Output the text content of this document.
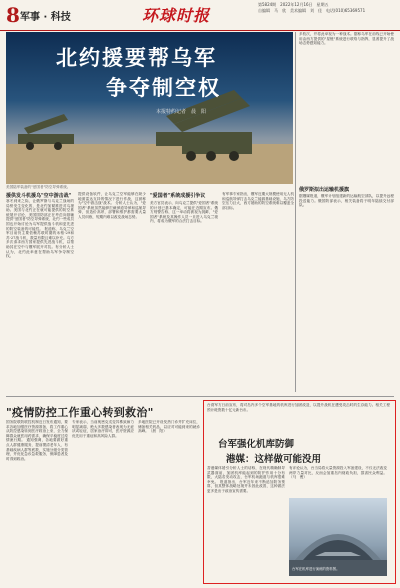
8 军事 · 科技	环球时报
第5824期　2022年12月16日　星期五
自编辑　马　欣　美术编辑　刘　佳　电话(010)65369571
北约援要帮乌军
争夺制空权
本报特约记者　晨　阳
美国陆军装备的"爱国者"防空导弹系统。
援供发斗机援乌"空中游击战"
寒冬到来之际，让俄罗斯与乌克兰战场的局势发生变化的，是北约加紧推进对乌援助。美国与北约正在就可能提供的防空系统展开讨论，美国国防部正在考虑向基辅提供"爱国者"防空导弹系统，北约一些成员国也开始讨论为乌军提供战斗机和更先进的防空装备的可能性。 报道称，乌克兰空军目前仍主要依赖苏联时期的米格-29和苏-27战斗机，数量有限且难以补充。乌方多次请求西方国家提供先进战斗机，以帮助其在空中与俄军展开对抗。有分析人士认为，北约此举意在帮助乌军争夺制空权。
提供设备软件，让乌克兰空军能够在缺少地面雷达支持的情况下进行作战，这被称为"空中游击战"战术。 分析人士认为，"爱国者"系统虽然能够拦截弹道导弹和巡航导弹，但造价高昂，部署和维护都需要大量人员训练，短期内难以改变战场态势。
"爱国者"系统成援引争议
美方官员表示，向乌克兰提供"爱国者"系统的计划已基本确定，可能在近期宣布。俄方则警告称，这一举动将被视为挑衅，"爱国者"系统及其操作人员一旦进入乌克兰境内，将成为俄军的合法打击目标。
有军事专家指出，俄军近期大规模使用无人机和巡航导弹打击乌克兰能源基础设施，乌方防空压力巨大，西方援助的防空系统难以覆盖全部目标。
多枚次，并将此举视为一种战术。据称乌军在前线已开始使用由西方提供的"星链"系统进行联络与指挥，显著提升了战场态势感知能力。
俄罗斯拟出运输机援旗
据俄媒报道，俄军计划组建新的运输航空部队，以提升远程投送能力。俄国防部表示，相关装备将于明年陆续交付部队。
"疫情防控工作重心转到救治"
国务院联防联控机制近日发布通知，要求各地加强医疗资源准备，将工作重心从防控感染转到医疗救治上来，全力保障群众就医用药需求，确保平稳度过疫情流行期。 通知强调，各地要做好重点人群健康服务，提前摸清老年人、有基础疾病人群等底数，实施分级分类管理，并优化急诊急救服务，保障患者及时得到救治。
专家表示，当前奥密克戎变异株致病力明显减弱，绝大多数感染者表现为无症状或轻症，居家治疗即可，医疗资源应优先用于重症和高风险人群。
多地医院已开设发热门诊并扩充床位，储备相关药品，以应对可能到来的就诊高峰。（晨　阳）
台湾军方日前宣布，将对岛内多个空军基地的机库进行加固改造，以提升战机在遭受攻击时的生存能力。相关工程预计耗资数十亿元新台币。
台军强化机库防御
港媒：这样做可能没用
香港媒体援引分析人士的话称，在现代精确制导武器面前，加固机库能起到的防护作用十分有限，大陆若发动攻击，台军机场跑道与机库很难幸免。 报道指出，台军近年来不断追加防务预算，但其整体战略处境并未因此改善，这种做法更多是出于政治宣传需要。
有评论认为，台当局将大量资源投入军备建设，不仅无法改变两岸力量对比，反而会加重岛内财政负担，损害民众利益。（马　俊）
台军在机库进行演练的资料图。
